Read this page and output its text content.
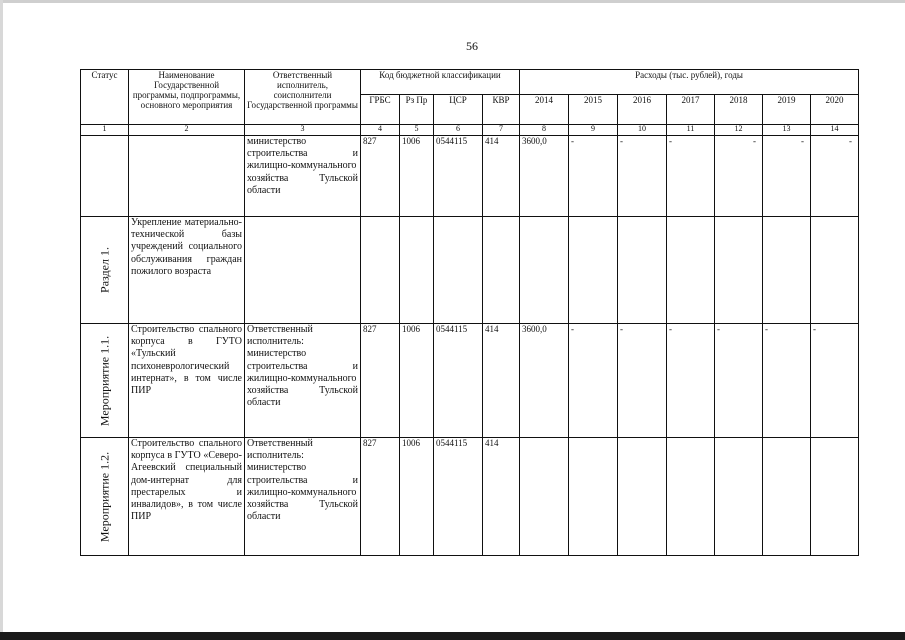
56
Статус	Наименование Государственной программы, подпрограммы, основного мероприятия	Ответственный исполнитель, соисполнители Государственной программы	Код бюджетной классификации				Расходы (тыс. рублей), годы						
			ГРБС	Рз Пр	ЦСР	КВР	2014	2015	2016	2017	2018	2019	2020
1	2	3	4	5	6	7	8	9	10	11	12	13	14

		министерство строительства и жилищно-коммунального хозяйства Тульской области	827	1006	0544115	414	3600,0	-	-	-	-	-	-

Раздел 1.	Укрепление материально-технической базы учреждений социального обслуживания граждан пожилого возраста												

Мероприятие 1.1.	Строительство спального корпуса в ГУТО «Тульский психоневрологический интернат», в том числе ПИР	Ответственный исполнитель: министерство строительства и жилищно-коммунального хозяйства Тульской области	827	1006	0544115	414	3600,0	-	-	-	-	-	-

Мероприятие 1.2.	Строительство спального корпуса в ГУТО «Северо-Агеевский специальный дом-интернат для престарелых и инвалидов», в том числе ПИР	Ответственный исполнитель: министерство строительства и жилищно-коммунального хозяйства Тульской области	827	1006	0544115	414							
